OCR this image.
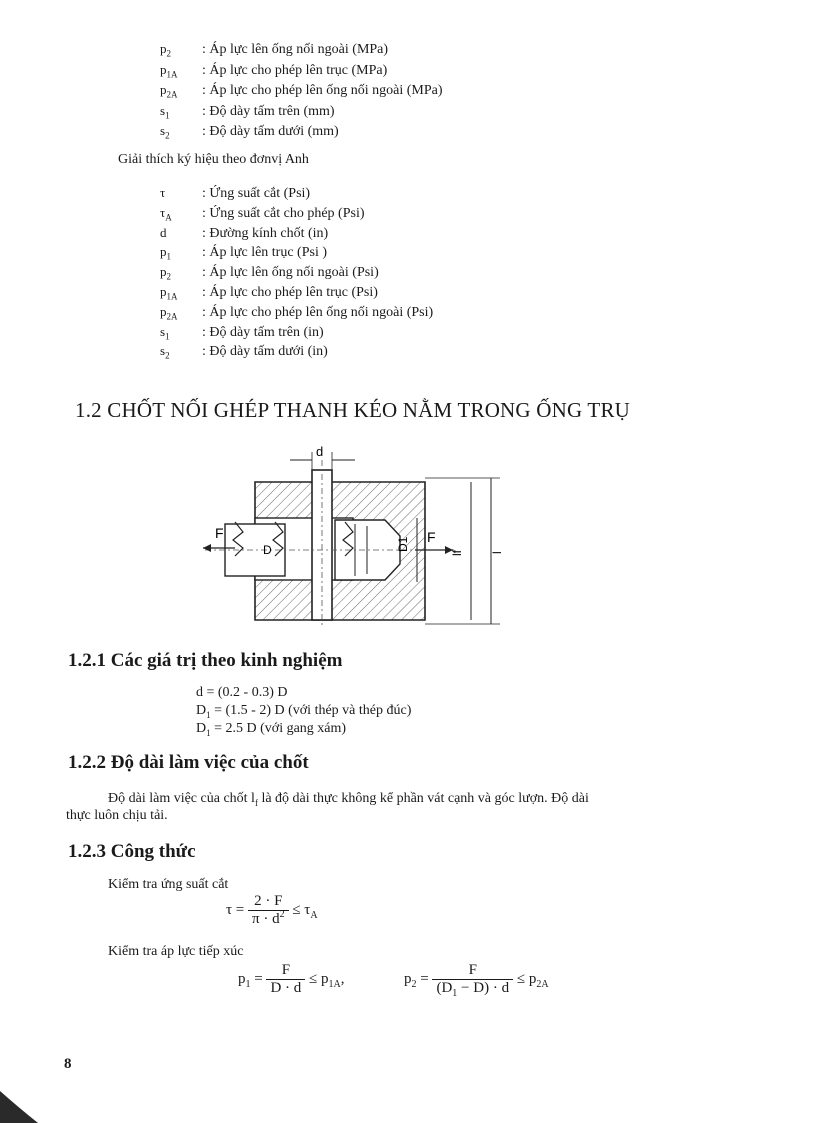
$p_2$ : Áp lực lên ống nối ngoài (MPa)
$p_{1A}$ : Áp lực cho phép lên trục (MPa)
$p_{2A}$ : Áp lực cho phép lên ống nối ngoài (MPa)
$s_1$ : Độ dày tấm trên (mm)
$s_2$ : Độ dày tấm dưới (mm)
Giải thích ký hiệu theo đơnvị Anh
τ	: Ứng suất cắt (Psi)
$\tau_A$ : Ứng suất cắt cho phép (Psi)
d	: Đường kính chốt (in)
$p_1$ : Áp lực lên trục (Psi )
$p_2$ : Áp lực lên ống nối ngoài (Psi)
$p_{1A}$ : Áp lực cho phép lên trục (Psi)
$p_{2A}$ : Áp lực cho phép lên ống nối ngoài (Psi)
$s_1$ : Độ dày tấm trên (in)
$s_2$ : Độ dày tấm dưới (in)
1.2 CHỐT NỐI GHÉP THANH KÉO NẰM TRONG ỐNG TRỤ
d
F	F
D	D1
lf l
1.2.1 Các giá trị theo kinh nghiệm
d = (0.2 - 0.3) D
$D_1 = (1.5 - 2)$ D (với thép và thép đúc)
$D_1 = 2.5$ D (với gang xám)
1.2.2 Độ dài làm việc của chốt
Độ dài làm việc của chốt $l_f$ là độ dài thực không kể phần vát cạnh và góc lượn. Độ dài
thực luôn chịu tải.
1.2.3 Công thức
Kiểm tra ứng suất cắt
$\tau = \frac{2 \cdot F}{\pi \cdot d^2} \le \tau_A$
Kiểm tra áp lực tiếp xúc
$p_1 = \frac{F}{D \cdot d} \le p_{1A}$,	$p_2 = \frac{F}{(D_1 - D) \cdot d} \le p_{2A}$
8
